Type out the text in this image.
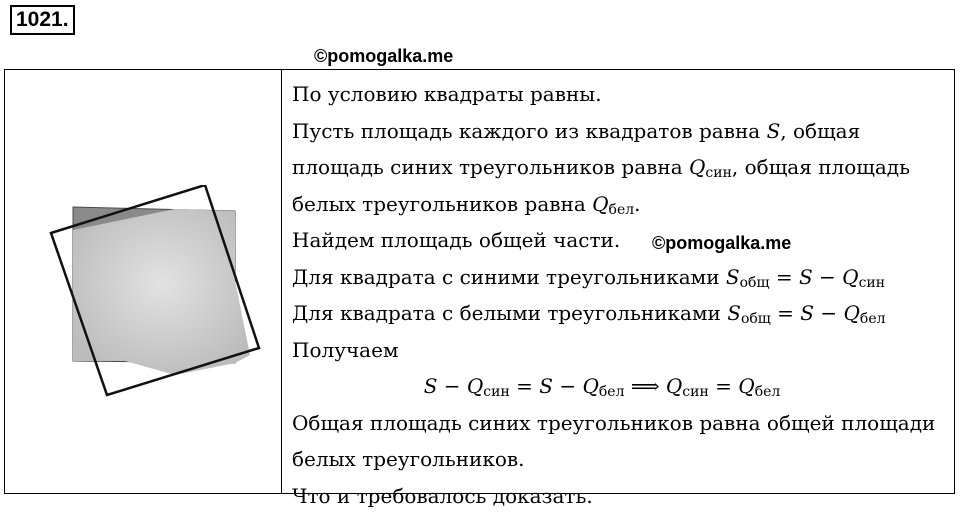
1021.
©pomogalka.me
По условию квадраты равны.
Пусть площадь каждого из квадратов равна S, общая
площадь синих треугольников равна $Q_{син}$, общая площадь
белых треугольников равна $Q_{бел}$.
Найдем площадь общей части.
Для квадрата с синими треугольниками $S_{общ} = S - Q_{син}$
Для квадрата с белыми треугольниками $S_{общ} = S - Q_{бел}$
Получаем
$S - Q_{син} = S - Q_{бел}$ ⟹ $Q_{син} = Q_{бел}$
Общая площадь синих треугольников равна общей площади
белых треугольников.
Что и требовалось доказать.
©pomogalka.me
